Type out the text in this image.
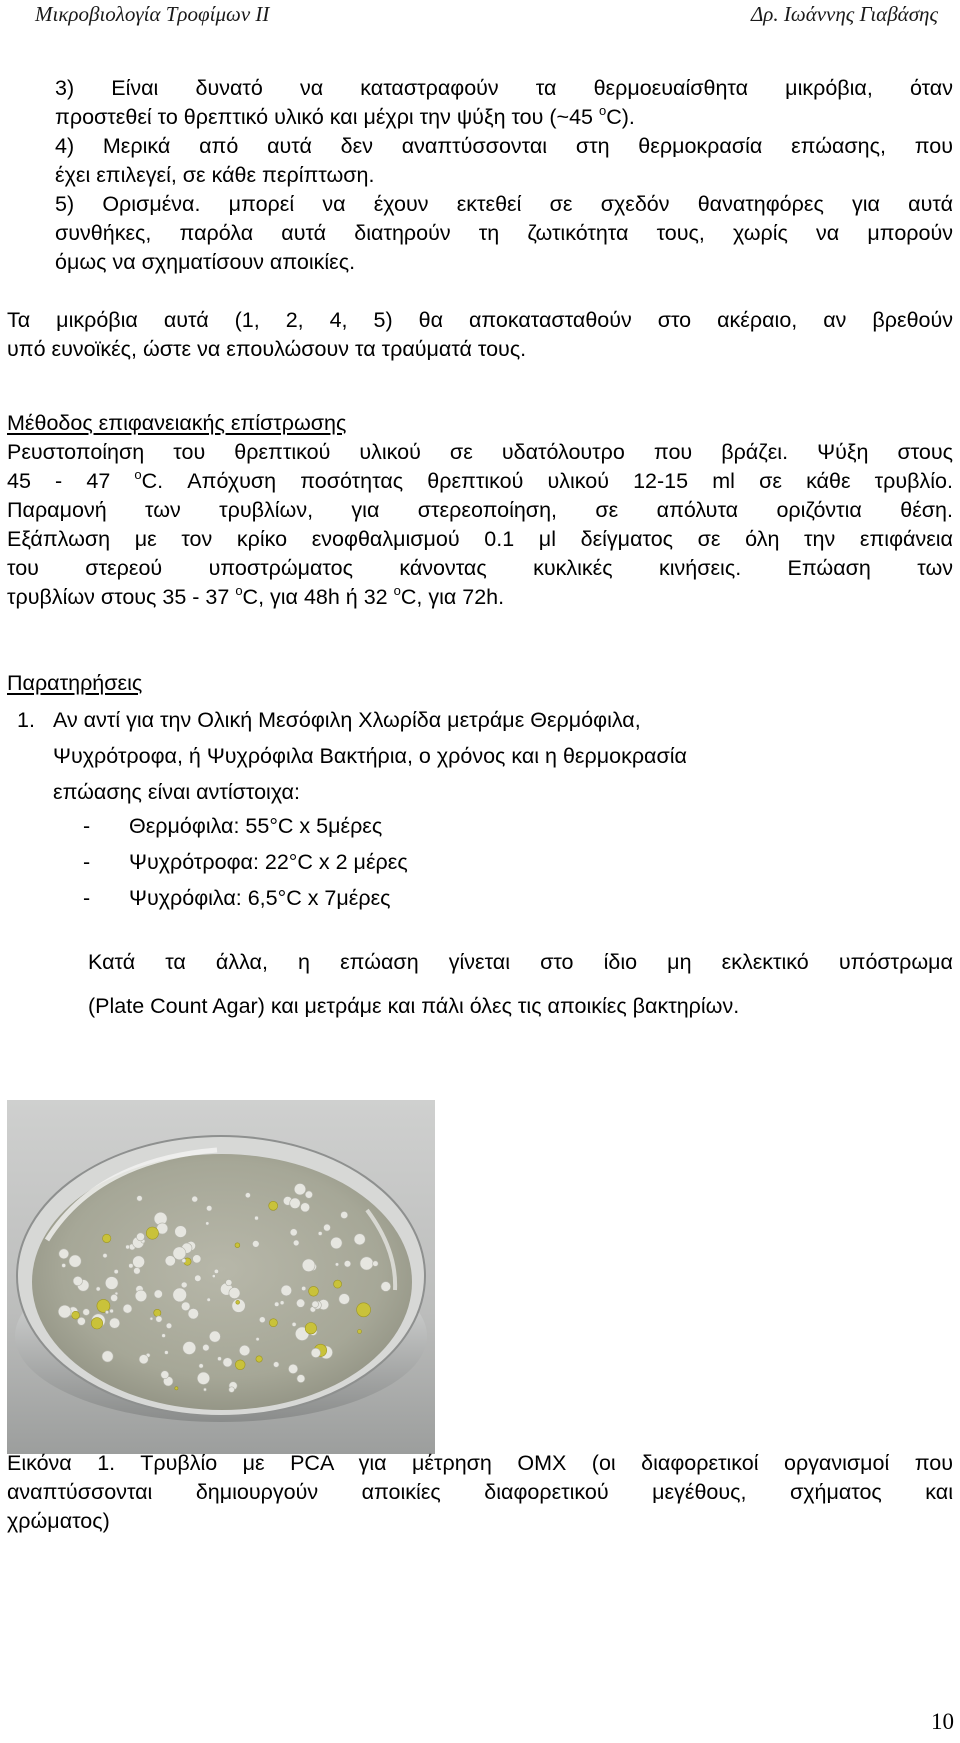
Μικροβιολογία Τροφίμων ΙΙ	Δρ. Ιωάννης Γιαβάσης
3) Είναι δυνατό να καταστραφούν τα θερμοευαίσθητα μικρόβια, όταν
προστεθεί το θρεπτικό υλικό και μέχρι την ψύξη του (~45 $^o$C).
4) Μερικά από αυτά δεν αναπτύσσονται στη θερμοκρασία επώασης, που
έχει επιλεγεί, σε κάθε περίπτωση.
5) Ορισμένα. μπορεί να έχουν εκτεθεί σε σχεδόν θανατηφόρες για αυτά
συνθήκες, παρόλα αυτά διατηρούν τη ζωτικότητα τους, χωρίς να μπορούν
όμως να σχηματίσουν αποικίες.
Τα μικρόβια αυτά (1, 2, 4, 5) θα αποκατασταθούν στο ακέραιο, αν βρεθούν
υπό ευνοϊκές, ώστε να επουλώσουν τα τραύματά τους.
Μέθοδος επιφανειακής επίστρωσης
Ρευστοποίηση του θρεπτικού υλικού σε υδατόλουτρο που βράζει. Ψύξη στους
45 - 47 $^o$C. Απόχυση ποσότητας θρεπτικού υλικού 12-15 ml σε κάθε τρυβλίο.
Παραμονή των τρυβλίων, για στερεοποίηση, σε απόλυτα οριζόντια θέση.
Εξάπλωση με τον κρίκο ενοφθαλμισμού 0.1 μl δείγματος σε όλη την επιφάνεια
του στερεού υποστρώματος κάνοντας κυκλικές κινήσεις. Επώαση των
τρυβλίων στους 35 - 37 $^o$C, για 48h ή 32 $^o$C, για 72h.
Παρατηρήσεις
1. Αν αντί για την Ολική Μεσόφιλη Χλωρίδα μετράμε Θερμόφιλα,
Ψυχρότροφα, ή Ψυχρόφιλα Βακτήρια, ο χρόνος και η θερμοκρασία
επώασης είναι αντίστοιχα:
- Θερμόφιλα: 55°C x 5μέρες
- Ψυχρότροφα: 22°C x 2 μέρες
- Ψυχρόφιλα: 6,5°C x 7μέρες
Κατά τα άλλα, η επώαση γίνεται στο ίδιο μη εκλεκτικό υπόστρωμα
(Plate Count Agar) και μετράμε και πάλι όλες τις αποικίες βακτηρίων.
Εικόνα 1. Τρυβλίο με PCA για μέτρηση ΟΜΧ (οι διαφορετικοί οργανισμοί που
αναπτύσσονται δημιουργούν αποικίες διαφορετικού μεγέθους, σχήματος και
χρώματος)
10
